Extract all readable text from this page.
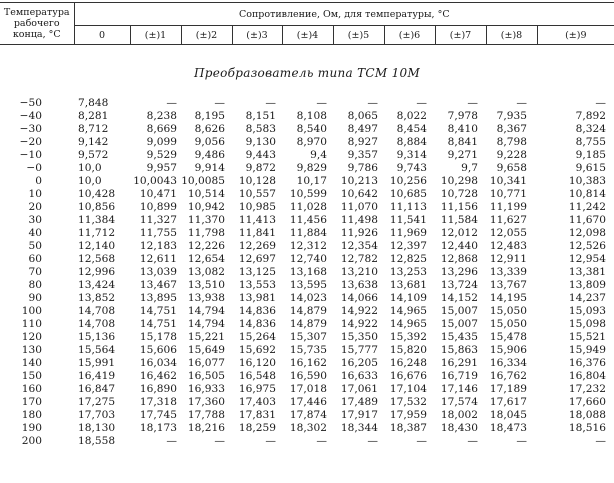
Температура
рабочего
конца, °С	Сопротивление, Ом, для температуры, °С									
	0	(±)1	(±)2	(±)3	(±)4	(±)5	(±)6	(±)7	(±)8	(±)9
Преобразователь типа ТСМ 10М
−50	7,848	—	—	—	—	—	—	—	—	—
−40	8,281	8,238	8,195	8,151	8,108	8,065	8,022	7,978	7,935	7,892
−30	8,712	8,669	8,626	8,583	8,540	8,497	8,454	8,410	8,367	8,324
−20	9,142	9,099	9,056	9,130	8,970	8,927	8,884	8,841	8,798	8,755
−10	9,572	9,529	9,486	9,443	9,4	9,357	9,314	9,271	9,228	9,185
−0	10,0	9,957	9,914	9,872	9,829	9,786	9,743	9,7	9,658	9,615
0	10,0	10,0043	10,0085	10,128	10,17	10,213	10,256	10,298	10,341	10,383
10	10,428	10,471	10,514	10,557	10,599	10,642	10,685	10,728	10,771	10,814
20	10,856	10,899	10,942	10,985	11,028	11,070	11,113	11,156	11,199	11,242
30	11,384	11,327	11,370	11,413	11,456	11,498	11,541	11,584	11,627	11,670
40	11,712	11,755	11,798	11,841	11,884	11,926	11,969	12,012	12,055	12,098
50	12,140	12,183	12,226	12,269	12,312	12,354	12,397	12,440	12,483	12,526
60	12,568	12,611	12,654	12,697	12,740	12,782	12,825	12,868	12,911	12,954
70	12,996	13,039	13,082	13,125	13,168	13,210	13,253	13,296	13,339	13,381
80	13,424	13,467	13,510	13,553	13,595	13,638	13,681	13,724	13,767	13,809
90	13,852	13,895	13,938	13,981	14,023	14,066	14,109	14,152	14,195	14,237
100	14,708	14,751	14,794	14,836	14,879	14,922	14,965	15,007	15,050	15,093
110	14,708	14,751	14,794	14,836	14,879	14,922	14,965	15,007	15,050	15,098
120	15,136	15,178	15,221	15,264	15,307	15,350	15,392	15,435	15,478	15,521
130	15,564	15,606	15,649	15,692	15,735	15,777	15,820	15,863	15,906	15,949
140	15,991	16,034	16,077	16,120	16,162	16,205	16,248	16,291	16,334	16,376
150	16,419	16,462	16,505	16,548	16,590	16,633	16,676	16,719	16,762	16,804
160	16,847	16,890	16,933	16,975	17,018	17,061	17,104	17,146	17,189	17,232
170	17,275	17,318	17,360	17,403	17,446	17,489	17,532	17,574	17,617	17,660
180	17,703	17,745	17,788	17,831	17,874	17,917	17,959	18,002	18,045	18,088
190	18,130	18,173	18,216	18,259	18,302	18,344	18,387	18,430	18,473	18,516
200	18,558	—	—	—	—	—	—	—	—	—
